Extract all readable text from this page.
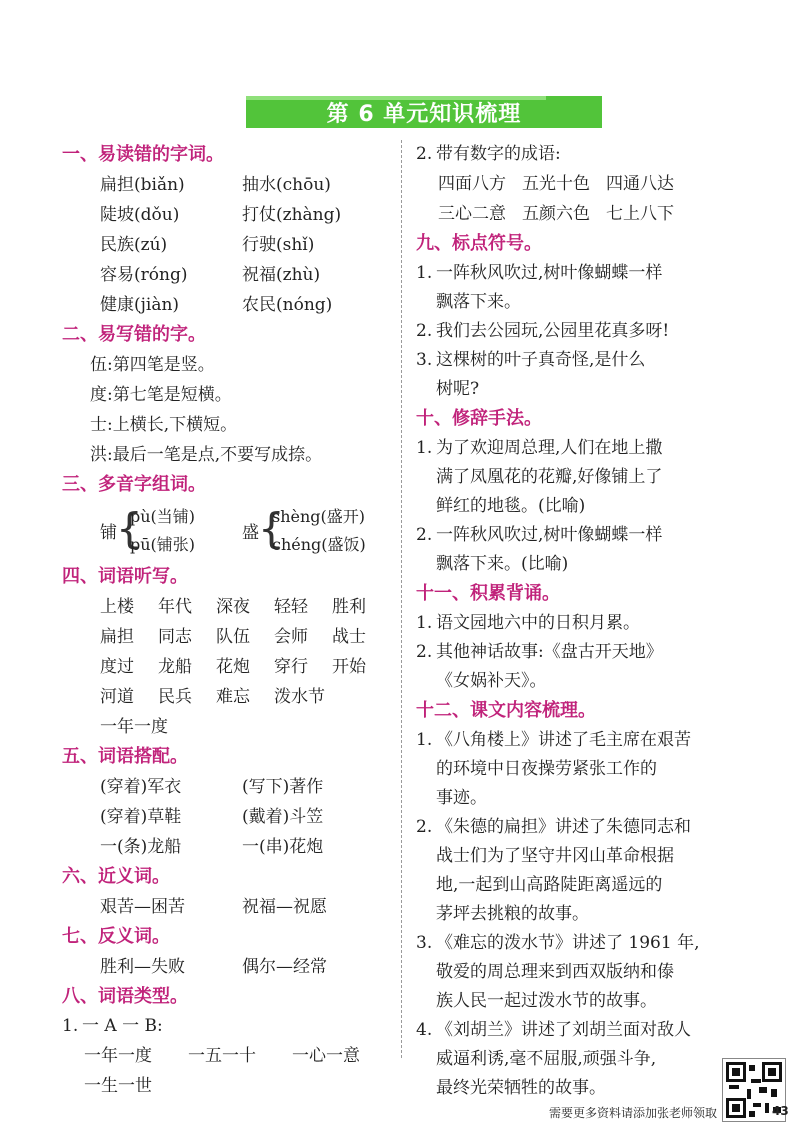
第 6 单元知识梳理
一、易读错的字词。
扁担(biǎn)	抽水(chōu)
陡坡(dǒu)	打仗(zhàng)
民族(zú)	行驶(shǐ)
容易(róng)	祝福(zhù)
健康(jiàn)	农民(nóng)
二、易写错的字。
伍:第四笔是竖。
度:第七笔是短横。
士:上横长,下横短。
洪:最后一笔是点,不要写成捺。
三、多音字组词。
铺 {
pù(当铺)
pū(铺张)
盛 {
shèng(盛开)
chéng(盛饭)
四、词语听写。
上楼 年代 深夜 轻轻 胜利
扁担 同志 队伍 会师 战士
度过 龙船 花炮 穿行 开始
河道 民兵 难忘 泼水节
一年一度
五、词语搭配。
(穿着)军衣	(写下)著作
(穿着)草鞋	(戴着)斗笠
一(条)龙船	一(串)花炮
六、近义词。
艰苦—困苦	祝福—祝愿
七、反义词。
胜利—失败	偶尔—经常
八、词语类型。
1. 一 A 一 B:
一年一度 一五一十 一心一意
一生一世
2. 带有数字的成语:
四面八方 五光十色 四通八达
三心二意 五颜六色 七上八下
九、标点符号。
1. 一阵秋风吹过,树叶像蝴蝶一样
飘落下来。
2. 我们去公园玩,公园里花真多呀!
3. 这棵树的叶子真奇怪,是什么
树呢?
十、修辞手法。
1. 为了欢迎周总理,人们在地上撒
满了凤凰花的花瓣,好像铺上了
鲜红的地毯。(比喻)
2. 一阵秋风吹过,树叶像蝴蝶一样
飘落下来。(比喻)
十一、积累背诵。
1. 语文园地六中的日积月累。
2. 其他神话故事:《盘古开天地》
《女娲补天》。
十二、课文内容梳理。
1. 《八角楼上》讲述了毛主席在艰苦
的环境中日夜操劳紧张工作的
事迹。
2. 《朱德的扁担》讲述了朱德同志和
战士们为了坚守井冈山革命根据
地,一起到山高路陡距离遥远的
茅坪去挑粮的故事。
3. 《难忘的泼水节》讲述了 1961 年,
敬爱的周总理来到西双版纳和傣
族人民一起过泼水节的故事。
4. 《刘胡兰》讲述了刘胡兰面对敌人
威逼利诱,毫不屈服,顽强斗争,
最终光荣牺牲的故事。
需要更多资料请添加张老师领取	43
